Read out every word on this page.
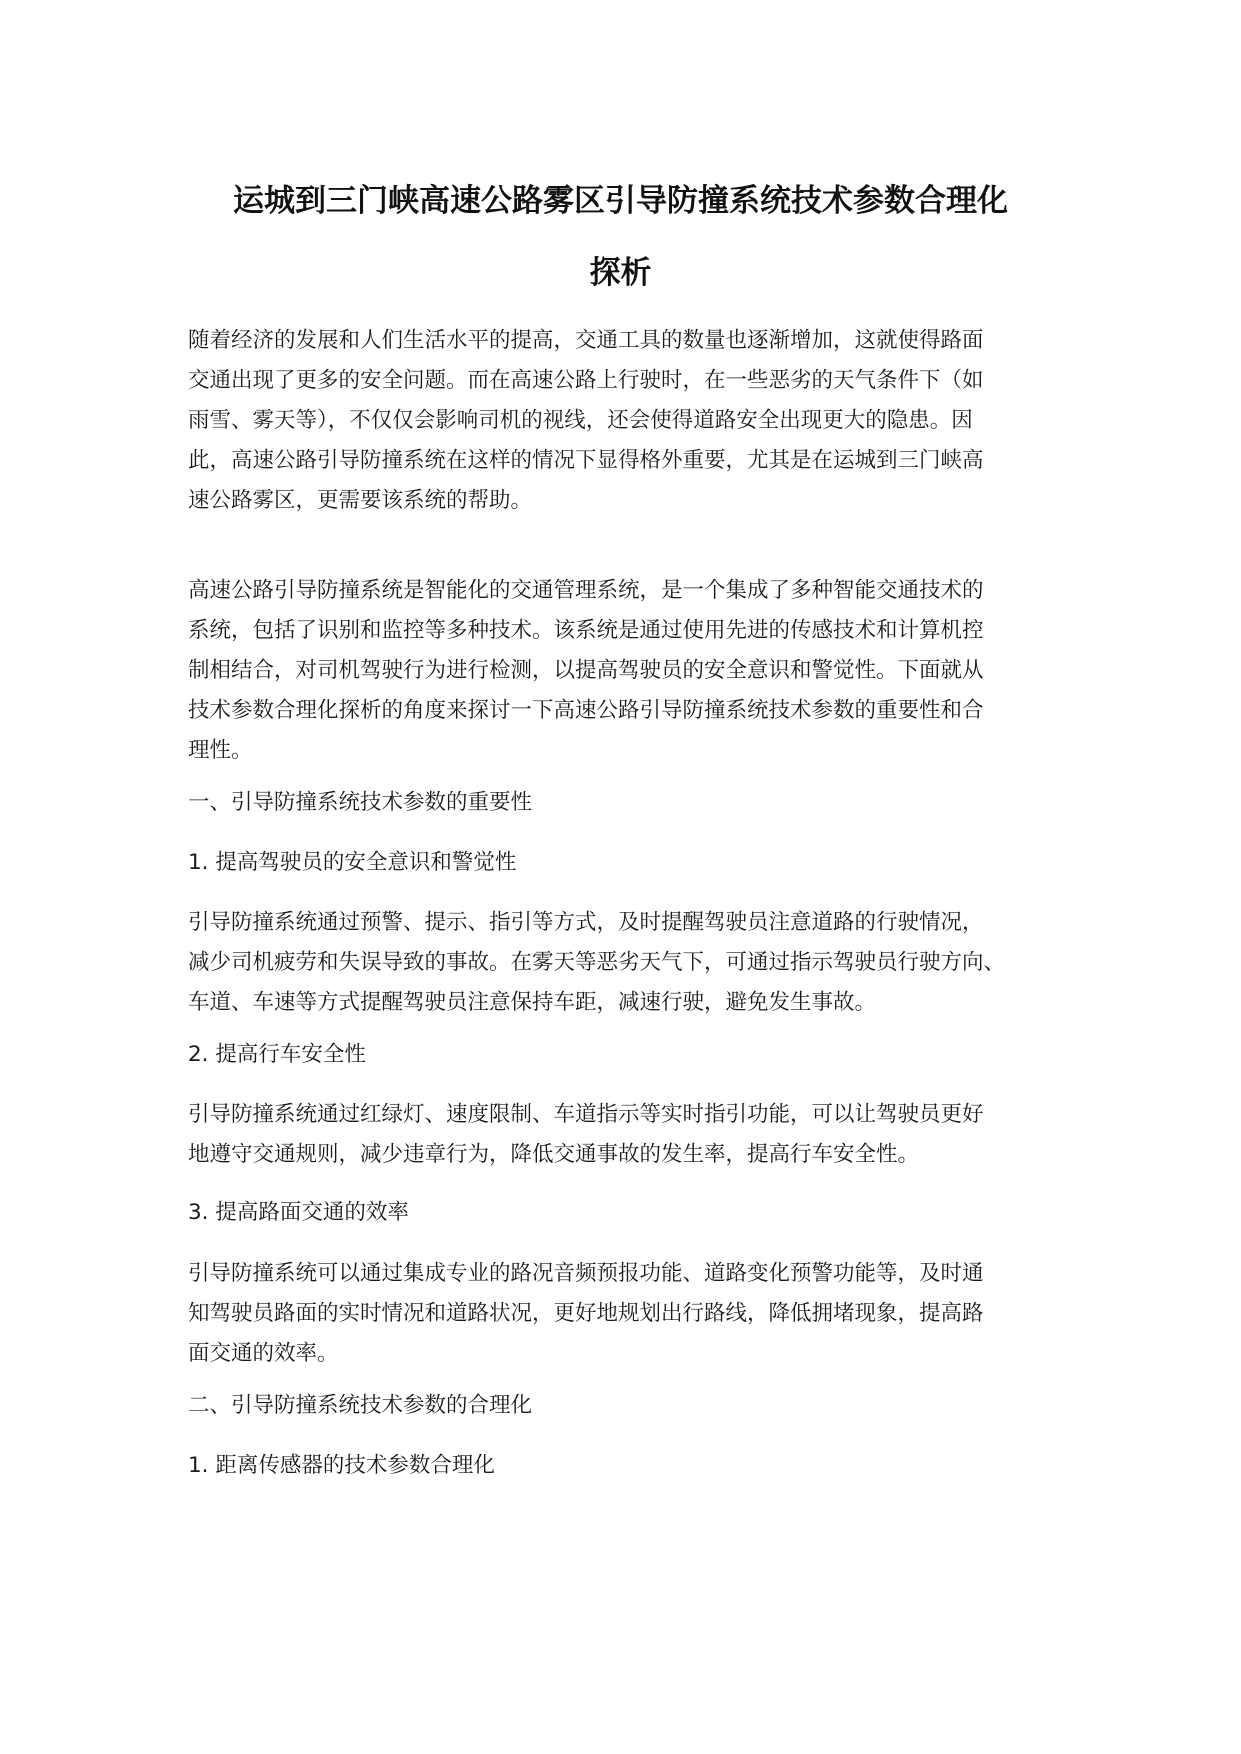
运城到三门峡高速公路雾区引导防撞系统技术参数合理化
探析
随着经济的发展和人们生活水平的提高，交通工具的数量也逐渐增加，这就使得路面
交通出现了更多的安全问题。而在高速公路上行驶时，在一些恶劣的天气条件下（如
雨雪、雾天等），不仅仅会影响司机的视线，还会使得道路安全出现更大的隐患。因
此，高速公路引导防撞系统在这样的情况下显得格外重要，尤其是在运城到三门峡高
速公路雾区，更需要该系统的帮助。
高速公路引导防撞系统是智能化的交通管理系统，是一个集成了多种智能交通技术的
系统，包括了识别和监控等多种技术。该系统是通过使用先进的传感技术和计算机控
制相结合，对司机驾驶行为进行检测，以提高驾驶员的安全意识和警觉性。下面就从
技术参数合理化探析的角度来探讨一下高速公路引导防撞系统技术参数的重要性和合
理性。
一、引导防撞系统技术参数的重要性
1. 提高驾驶员的安全意识和警觉性
引导防撞系统通过预警、提示、指引等方式，及时提醒驾驶员注意道路的行驶情况，
减少司机疲劳和失误导致的事故。在雾天等恶劣天气下，可通过指示驾驶员行驶方向、
车道、车速等方式提醒驾驶员注意保持车距，减速行驶，避免发生事故。
2. 提高行车安全性
引导防撞系统通过红绿灯、速度限制、车道指示等实时指引功能，可以让驾驶员更好
地遵守交通规则，减少违章行为，降低交通事故的发生率，提高行车安全性。
3. 提高路面交通的效率
引导防撞系统可以通过集成专业的路况音频预报功能、道路变化预警功能等，及时通
知驾驶员路面的实时情况和道路状况，更好地规划出行路线，降低拥堵现象，提高路
面交通的效率。
二、引导防撞系统技术参数的合理化
1. 距离传感器的技术参数合理化
